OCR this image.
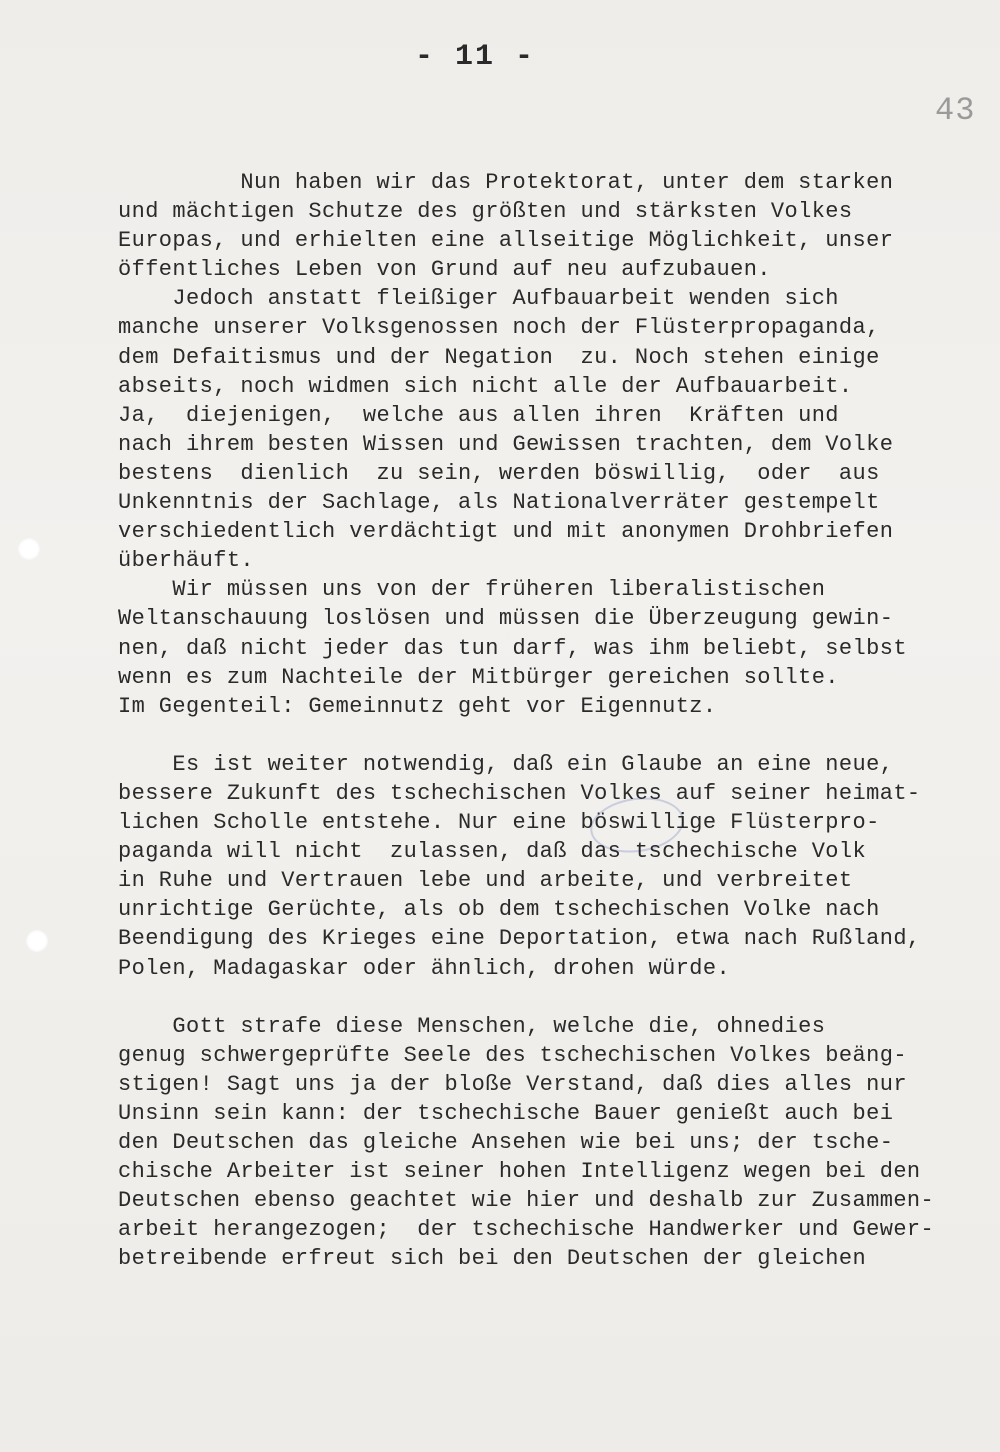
- 11 -
43
Nun haben wir das Protektorat, unter dem starken
und mächtigen Schutze des größten und stärksten Volkes
Europas, und erhielten eine allseitige Möglichkeit, unser
öffentliches Leben von Grund auf neu aufzubauen.
Jedoch anstatt fleißiger Aufbauarbeit wenden sich
manche unserer Volksgenossen noch der Flüsterpropaganda,
dem Defaitismus und der Negation  zu. Noch stehen einige
abseits, noch widmen sich nicht alle der Aufbauarbeit.
Ja,  diejenigen,  welche aus allen ihren  Kräften und
nach ihrem besten Wissen und Gewissen trachten, dem Volke
bestens  dienlich  zu sein, werden böswillig,  oder  aus
Unkenntnis der Sachlage, als Nationalverräter gestempelt
verschiedentlich verdächtigt und mit anonymen Drohbriefen
überhäuft.
Wir müssen uns von der früheren liberalistischen
Weltanschauung loslösen und müssen die Überzeugung gewin-
nen, daß nicht jeder das tun darf, was ihm beliebt, selbst
wenn es zum Nachteile der Mitbürger gereichen sollte.
Im Gegenteil: Gemeinnutz geht vor Eigennutz.
Es ist weiter notwendig, daß ein Glaube an eine neue,
bessere Zukunft des tschechischen Volkes auf seiner heimat-
lichen Scholle entstehe. Nur eine böswillige Flüsterpro-
paganda will nicht  zulassen, daß das tschechische Volk
in Ruhe und Vertrauen lebe und arbeite, und verbreitet
unrichtige Gerüchte, als ob dem tschechischen Volke nach
Beendigung des Krieges eine Deportation, etwa nach Rußland,
Polen, Madagaskar oder ähnlich, drohen würde.
Gott strafe diese Menschen, welche die, ohnedies
genug schwergeprüfte Seele des tschechischen Volkes beäng-
stigen! Sagt uns ja der bloße Verstand, daß dies alles nur
Unsinn sein kann: der tschechische Bauer genießt auch bei
den Deutschen das gleiche Ansehen wie bei uns; der tsche-
chische Arbeiter ist seiner hohen Intelligenz wegen bei den
Deutschen ebenso geachtet wie hier und deshalb zur Zusammen-
arbeit herangezogen;  der tschechische Handwerker und Gewer-
betreibende erfreut sich bei den Deutschen der gleichen
